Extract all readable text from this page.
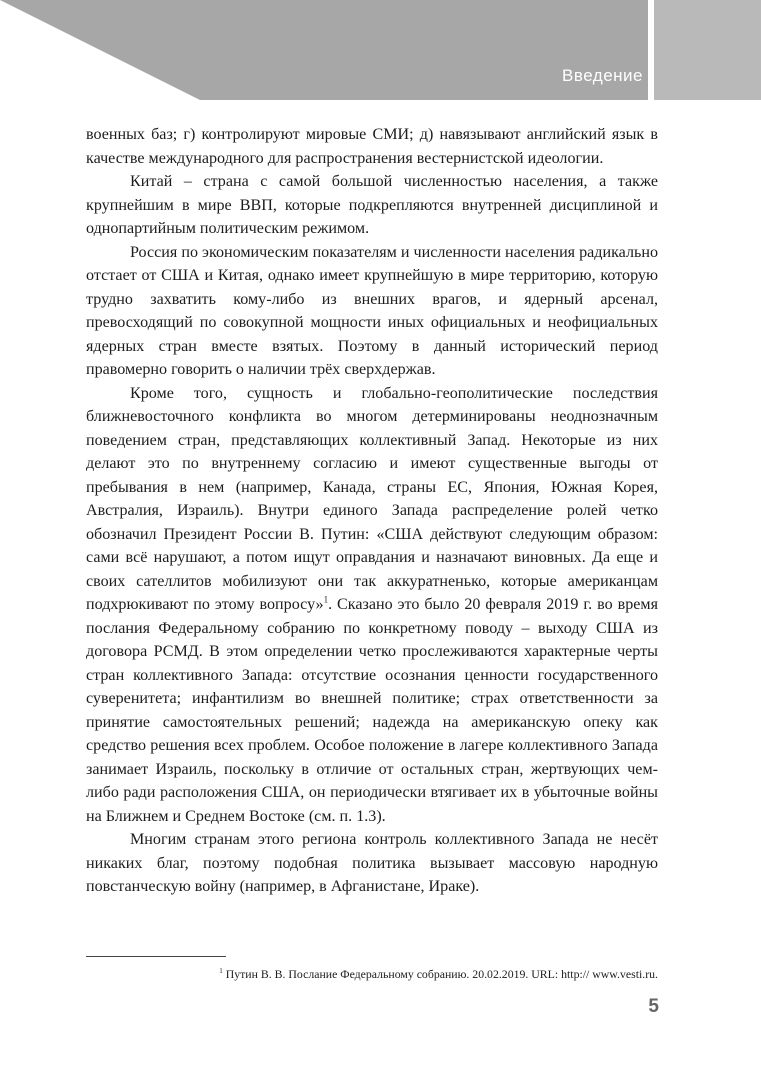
Введение

военных баз; г) контролируют мировые СМИ; д) навязывают английский язык в качестве международного для распространения вестернистской идеологии.

Китай – страна с самой большой численностью населения, а также крупнейшим в мире ВВП, которые подкрепляются внутренней дисциплиной и однопартийным политическим режимом.

Россия по экономическим показателям и численности населения радикально отстает от США и Китая, однако имеет крупнейшую в мире территорию, которую трудно захватить кому-либо из внешних врагов, и ядерный арсенал, превосходящий по совокупной мощности иных официальных и неофициальных ядерных стран вместе взятых. Поэтому в данный исторический период правомерно говорить о наличии трёх сверхдержав.

Кроме того, сущность и глобально-геополитические последствия ближневосточного конфликта во многом детерминированы неоднозначным поведением стран, представляющих коллективный Запад. Некоторые из них делают это по внутреннему согласию и имеют существенные выгоды от пребывания в нем (например, Канада, страны ЕС, Япония, Южная Корея, Австралия, Израиль). Внутри единого Запада распределение ролей четко обозначил Президент России В. Путин: «США действуют следующим образом: сами всё нарушают, а потом ищут оправдания и назначают виновных. Да еще и своих сателлитов мобилизуют они так аккуратненько, которые американцам подхрюкивают по этому вопросу»$^1$. Сказано это было 20 февраля 2019 г. во время послания Федеральному собранию по конкретному поводу – выходу США из договора РСМД. В этом определении четко прослеживаются характерные черты стран коллективного Запада: отсутствие осознания ценности государственного суверенитета; инфантилизм во внешней политике; страх ответственности за принятие самостоятельных решений; надежда на американскую опеку как средство решения всех проблем. Особое положение в лагере коллективного Запада занимает Израиль, поскольку в отличие от остальных стран, жертвующих чем-либо ради расположения США, он периодически втягивает их в убыточные войны на Ближнем и Среднем Востоке (см. п. 1.3).

Многим странам этого региона контроль коллективного Запада не несёт никаких благ, поэтому подобная политика вызывает массовую народную повстанческую войну (например, в Афганистане, Ираке).

$^1$ Путин В. В. Послание Федеральному собранию. 20.02.2019. URL: http:// www.vesti.ru.
5
